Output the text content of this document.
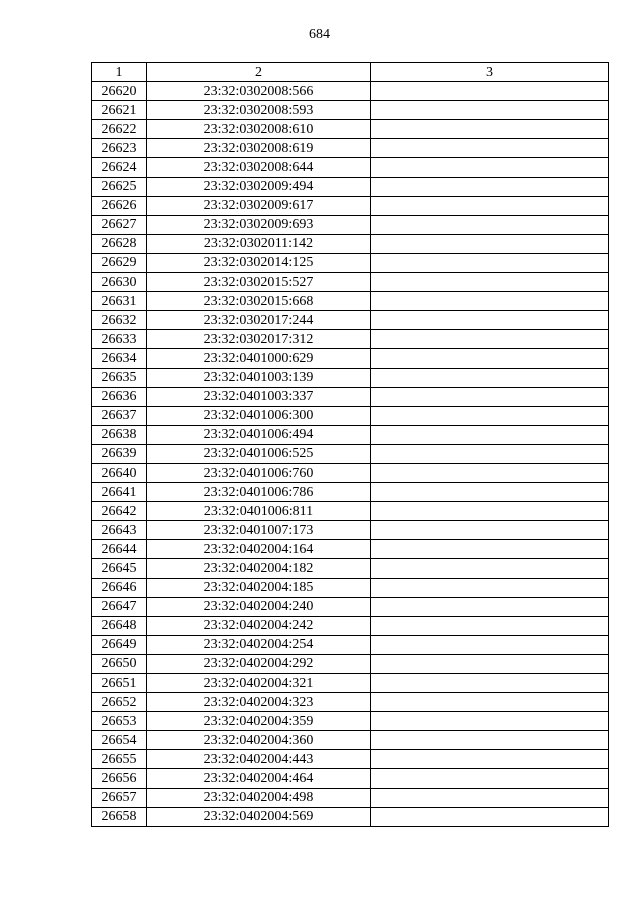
684
1	2	3
26620	23:32:0302008:566	
26621	23:32:0302008:593	
26622	23:32:0302008:610	
26623	23:32:0302008:619	
26624	23:32:0302008:644	
26625	23:32:0302009:494	
26626	23:32:0302009:617	
26627	23:32:0302009:693	
26628	23:32:0302011:142	
26629	23:32:0302014:125	
26630	23:32:0302015:527	
26631	23:32:0302015:668	
26632	23:32:0302017:244	
26633	23:32:0302017:312	
26634	23:32:0401000:629	
26635	23:32:0401003:139	
26636	23:32:0401003:337	
26637	23:32:0401006:300	
26638	23:32:0401006:494	
26639	23:32:0401006:525	
26640	23:32:0401006:760	
26641	23:32:0401006:786	
26642	23:32:0401006:811	
26643	23:32:0401007:173	
26644	23:32:0402004:164	
26645	23:32:0402004:182	
26646	23:32:0402004:185	
26647	23:32:0402004:240	
26648	23:32:0402004:242	
26649	23:32:0402004:254	
26650	23:32:0402004:292	
26651	23:32:0402004:321	
26652	23:32:0402004:323	
26653	23:32:0402004:359	
26654	23:32:0402004:360	
26655	23:32:0402004:443	
26656	23:32:0402004:464	
26657	23:32:0402004:498	
26658	23:32:0402004:569	
